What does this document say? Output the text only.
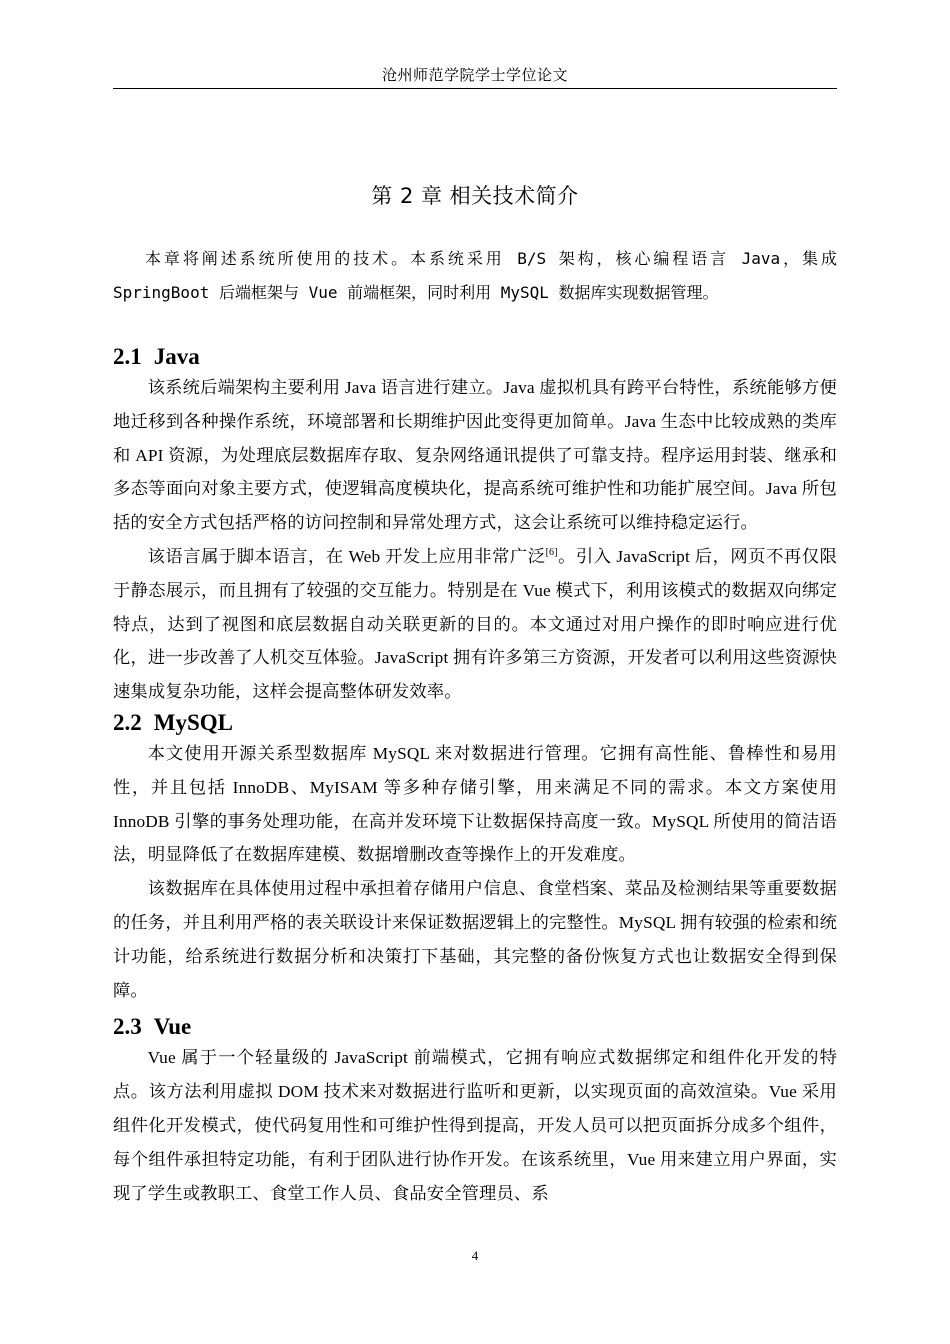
沧州师范学院学士学位论文
第 2 章 相关技术简介

本章将阐述系统所使用的技术。本系统采用 B/S 架构，核心编程语言 Java，集成 SpringBoot 后端框架与 Vue 前端框架，同时利用 MySQL 数据库实现数据管理。

2.1 Java

该系统后端架构主要利用 Java 语言进行建立。Java 虚拟机具有跨平台特性，系统能够方便地迁移到各种操作系统，环境部署和长期维护因此变得更加简单。Java 生态中比较成熟的类库和 API 资源，为处理底层数据库存取、复杂网络通讯提供了可靠支持。程序运用封装、继承和多态等面向对象主要方式，使逻辑高度模块化，提高系统可维护性和功能扩展空间。Java 所包括的安全方式包括严格的访问控制和异常处理方式，这会让系统可以维持稳定运行。

该语言属于脚本语言，在 Web 开发上应用非常广泛[6]。引入 JavaScript 后，网页不再仅限于静态展示，而且拥有了较强的交互能力。特别是在 Vue 模式下，利用该模式的数据双向绑定特点，达到了视图和底层数据自动关联更新的目的。本文通过对用户操作的即时响应进行优化，进一步改善了人机交互体验。JavaScript 拥有许多第三方资源，开发者可以利用这些资源快速集成复杂功能，这样会提高整体研发效率。

2.2 MySQL

本文使用开源关系型数据库 MySQL 来对数据进行管理。它拥有高性能、鲁棒性和易用性，并且包括 InnoDB、MyISAM 等多种存储引擎，用来满足不同的需求。本文方案使用 InnoDB 引擎的事务处理功能，在高并发环境下让数据保持高度一致。MySQL 所使用的简洁语法，明显降低了在数据库建模、数据增删改查等操作上的开发难度。

该数据库在具体使用过程中承担着存储用户信息、食堂档案、菜品及检测结果等重要数据的任务，并且利用严格的表关联设计来保证数据逻辑上的完整性。MySQL 拥有较强的检索和统计功能，给系统进行数据分析和决策打下基础，其完整的备份恢复方式也让数据安全得到保障。

2.3 Vue

Vue 属于一个轻量级的 JavaScript 前端模式，它拥有响应式数据绑定和组件化开发的特点。该方法利用虚拟 DOM 技术来对数据进行监听和更新，以实现页面的高效渲染。Vue 采用组件化开发模式，使代码复用性和可维护性得到提高，开发人员可以把页面拆分成多个组件，每个组件承担特定功能，有利于团队进行协作开发。在该系统里，Vue 用来建立用户界面，实现了学生或教职工、食堂工作人员、食品安全管理员、系

4
